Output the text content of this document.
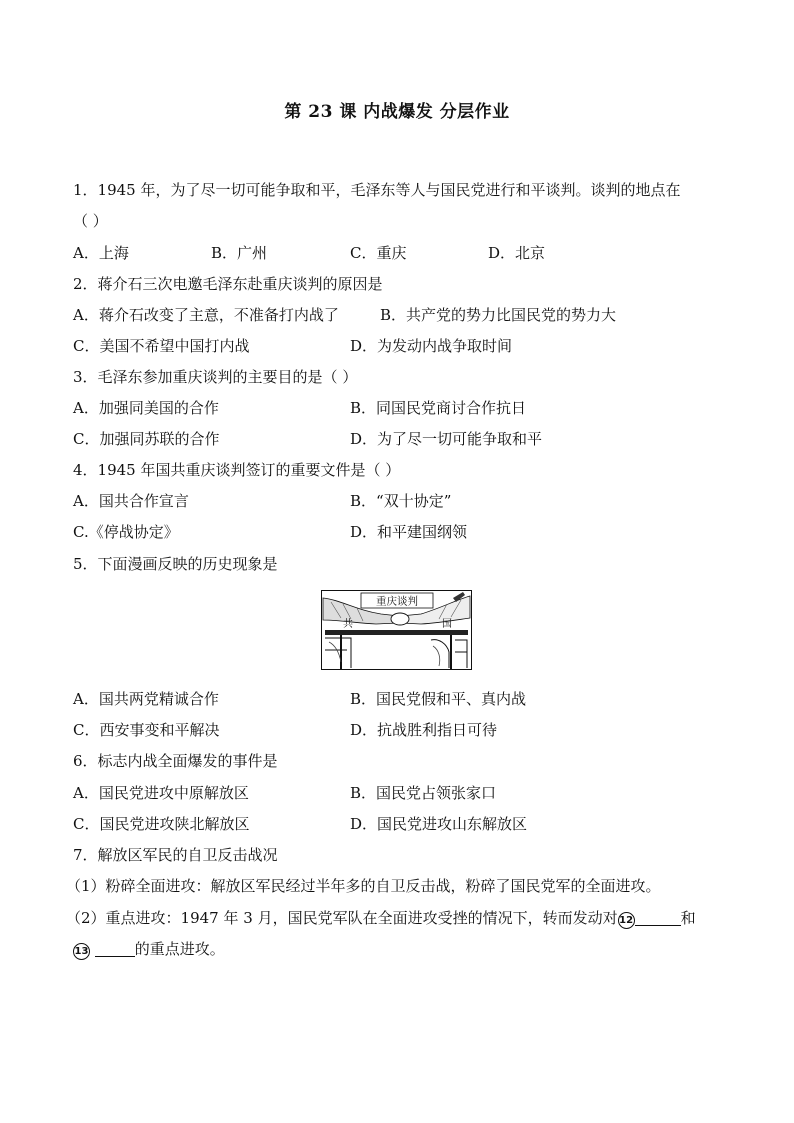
第 23 课 内战爆发 分层作业
1．1945 年，为了尽一切可能争取和平，毛泽东等人与国民党进行和平谈判。谈判的地点在
（ ）
A．上海	B．广州	C．重庆	D．北京
2．蒋介石三次电邀毛泽东赴重庆谈判的原因是
A．蒋介石改变了主意，不准备打内战了	B．共产党的势力比国民党的势力大
C．美国不希望中国打内战	D．为发动内战争取时间
3．毛泽东参加重庆谈判的主要目的是（ ）
A．加强同美国的合作	B．同国民党商讨合作抗日
C．加强同苏联的合作	D．为了尽一切可能争取和平
4．1945 年国共重庆谈判签订的重要文件是（ ）
A．国共合作宣言	B．“双十协定”
C.《停战协定》	D．和平建国纲领
5．下面漫画反映的历史现象是
重庆谈判
共	国
A．国共两党精诚合作	B．国民党假和平、真内战
C．西安事变和平解决	D．抗战胜利指日可待
6．标志内战全面爆发的事件是
A．国民党进攻中原解放区	B．国民党占领张家口
C．国民党进攻陕北解放区	D．国民党进攻山东解放区
7．解放区军民的自卫反击战况
（1）粉碎全面进攻：解放区军民经过半年多的自卫反击战，粉碎了国民党军的全面进攻。
（2）重点进攻：1947 年 3 月，国民党军队在全面进攻受挫的情况下，转而发动对 12	和
13	的重点进攻。
